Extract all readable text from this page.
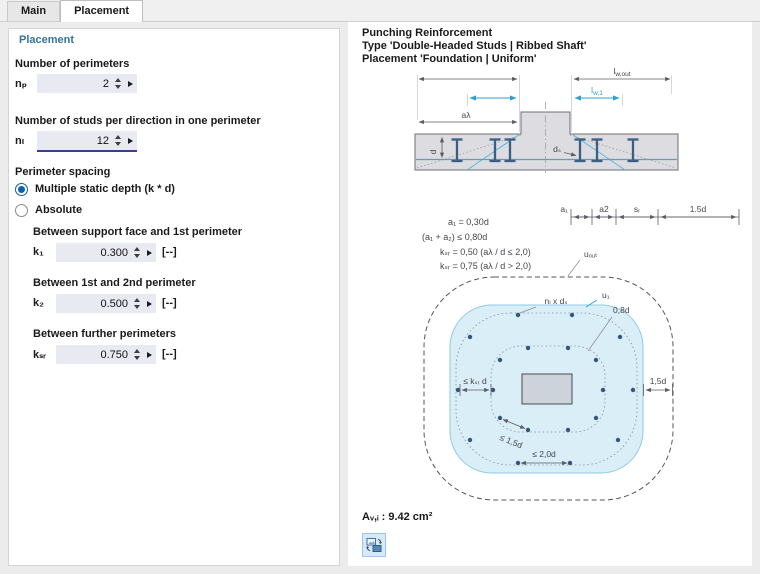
Main	Placement
Placement
Number of perimeters
nₚ
2
Number of studs per direction in one perimeter
nₗ
12
Perimeter spacing
Multiple static depth (k * d)
Absolute
Between support face and 1st perimeter
k₁
0.300	[--]
Between 1st and 2nd perimeter
k₂
0.500	[--]
Between further perimeters
kₛᵣ
0.750	[--]
Punching Reinforcement
Type 'Double-Headed Studs | Ribbed Shaft'
Placement 'Foundation | Uniform'
$l_{w,out}$
$l_{w,1}$
aλ
d	dₛ
a₁ = 0,30d
(a₁ + a₂) ≤ 0,80d
kₛᵣ = 0,50 (aλ / d ≤ 2,0)
kₛᵣ = 0,75 (aλ / d > 2,0)
a₁	a2	sᵣ	1.5d
uₒᵤₜ
u₁
nₗ x dₛ
0,8d
≤ kₛᵣ d	1,5d
≤ 1,5d
≤ 2,0d
Aᵥ,ᵢ : 9.42 cm²
